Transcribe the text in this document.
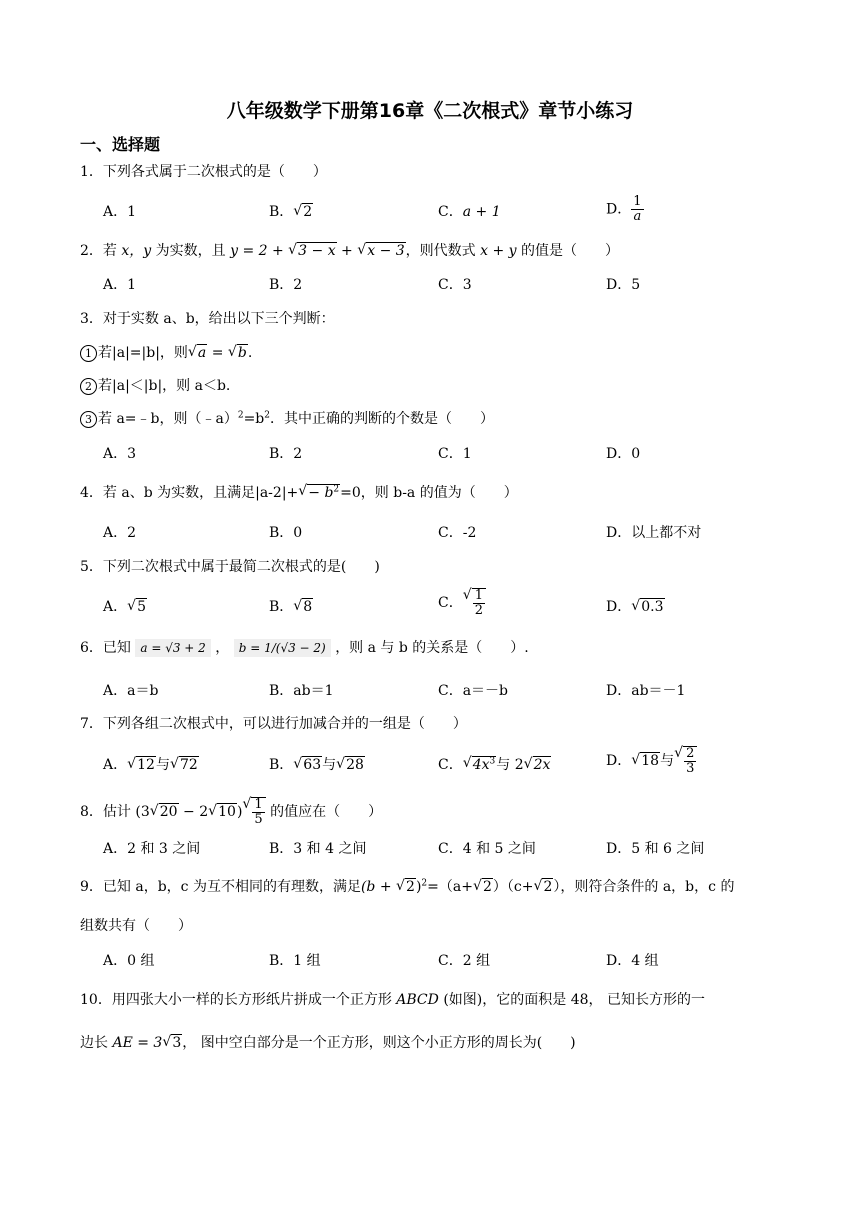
八年级数学下册第16章《二次根式》章节小练习
一、选择题
1．下列各式属于二次根式的是（　　）
A．1	B．√ 2	C．a + 1	D． $\frac{1}{a}$
2．若 x，y 为实数，且 y = 2 + √ 3 − x + √ x − 3，则代数式 x + y 的值是（　　）
A．1	B．2	C．3	D．5
3．对于实数 a、b，给出以下三个判断：
1 若|a|=|b|，则√ a = √ b.
2 若|a|＜|b|，则 a＜b.
3 若 a=﹣b，则$(﹣a)^2=b^2$．其中正确的判断的个数是（　　）
A．3	B．2	C．1	D．0
4．若 a、b 为实数，且满足$|a-2|+√ - b^2=0$，则 b-a 的值为（　　）
A．2	B．0	C．-2	D．以上都不对
5．下列二次根式中属于最简二次根式的是(　　)
A．√ 5	B．√ 8	C．
√ $\frac{1}{2}$	D．√ 0.3
6．已知 a = √3 + 2 ， b = 1/(√3 − 2) ，则 a 与 b 的关系是（　　）.
A．a＝b	B．ab＝1	C．a＝－b	D．ab＝－1
7．下列各组二次根式中，可以进行加减合并的一组是（　　）
A．√ 12与√ 72	B．√ 63与√ 28	C．√ $4x^3$与 2√ 2x	D．√ 18与
√ $\frac{2}{3}$
8．估计 (3√ 20 − 2√ 10)
√ $\frac{1}{5}$ 的值应在（　　）
A．2 和 3 之间	B．3 和 4 之间	C．4 和 5 之间	D．5 和 6 之间
9．已知 a，b，c 为互不相同的有理数，满足(b + √ 2)$^2$=（a+√ 2）（c+√ 2），则符合条件的 a，b，c 的
组数共有（　　）
A．0 组	B．1 组	C．2 组	D．4 组
10．用四张大小一样的长方形纸片拼成一个正方形 ABCD (如图)，它的面积是 48， 已知长方形的一
边长 AE = 3√ 3， 图中空白部分是一个正方形，则这个小正方形的周长为(　　)
